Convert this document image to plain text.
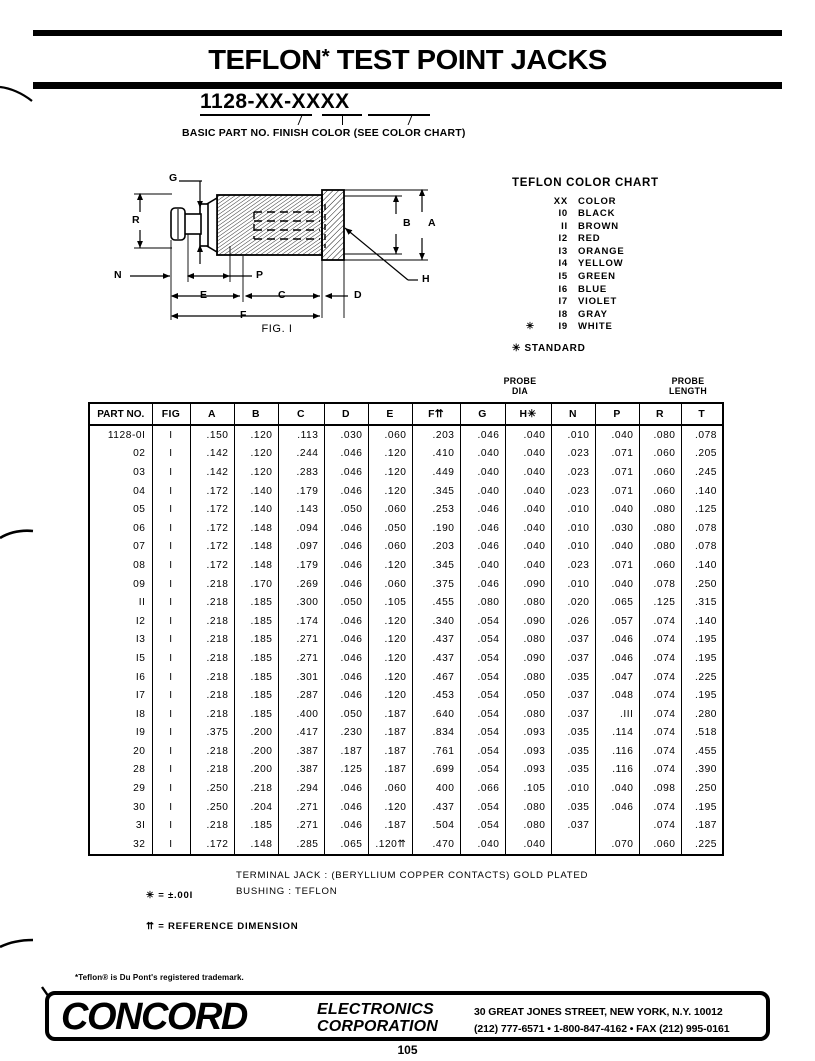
TEFLON* TEST POINT JACKS
1128-XX-XXXX
BASIC PART NO. FINISH COLOR (SEE COLOR CHART)
G
R
N	P
E	C	D
F
B A
H
FIG. I
TEFLON COLOR CHART
	XX	COLOR
	I0	BLACK
	II	BROWN
	I2	RED
	I3	ORANGE
	I4	YELLOW
	I5	GREEN
	I6	BLUE
	I7	VIOLET
	I8	GRAY
✳	I9	WHITE
✳ STANDARD
PROBE
DIA
PROBE
LENGTH
PART NO.	FIG	A	B	C	D	E	F⇈	G	H✳	N	P	R	T
1128-0I	I	.150	.120	.113	.030	.060	.203	.046	.040	.010	.040	.080	.078
02	I	.142	.120	.244	.046	.120	.410	.040	.040	.023	.071	.060	.205
03	I	.142	.120	.283	.046	.120	.449	.040	.040	.023	.071	.060	.245
04	I	.172	.140	.179	.046	.120	.345	.040	.040	.023	.071	.060	.140
05	I	.172	.140	.143	.050	.060	.253	.046	.040	.010	.040	.080	.125
06	I	.172	.148	.094	.046	.050	.190	.046	.040	.010	.030	.080	.078
07	I	.172	.148	.097	.046	.060	.203	.046	.040	.010	.040	.080	.078
08	I	.172	.148	.179	.046	.120	.345	.040	.040	.023	.071	.060	.140
09	I	.218	.170	.269	.046	.060	.375	.046	.090	.010	.040	.078	.250
II	I	.218	.185	.300	.050	.105	.455	.080	.080	.020	.065	.125	.315
I2	I	.218	.185	.174	.046	.120	.340	.054	.090	.026	.057	.074	.140
I3	I	.218	.185	.271	.046	.120	.437	.054	.080	.037	.046	.074	.195
I5	I	.218	.185	.271	.046	.120	.437	.054	.090	.037	.046	.074	.195
I6	I	.218	.185	.301	.046	.120	.467	.054	.080	.035	.047	.074	.225
I7	I	.218	.185	.287	.046	.120	.453	.054	.050	.037	.048	.074	.195
I8	I	.218	.185	.400	.050	.187	.640	.054	.080	.037	.III	.074	.280
I9	I	.375	.200	.417	.230	.187	.834	.054	.093	.035	.114	.074	.518
20	I	.218	.200	.387	.187	.187	.761	.054	.093	.035	.116	.074	.455
28	I	.218	.200	.387	.125	.187	.699	.054	.093	.035	.116	.074	.390
29	I	.250	.218	.294	.046	.060	400	.066	.105	.010	.040	.098	.250
30	I	.250	.204	.271	.046	.120	.437	.054	.080	.035	.046	.074	.195
3I	I	.218	.185	.271	.046	.187	.504	.054	.080	.037		.074	.187
32	I	.172	.148	.285	.065	.120⇈	.470	.040	.040		.070	.060	.225
TERMINAL JACK : (BERYLLIUM COPPER CONTACTS) GOLD PLATED
BUSHING : TEFLON
✳ = ±.00I
⇈ = REFERENCE DIMENSION
*Teflon® is Du Pont's registered trademark.
CONCORD	ELECTRONICS
CORPORATION
30 GREAT JONES STREET, NEW YORK, N.Y. 10012
(212) 777-6571 • 1-800-847-4162 • FAX (212) 995-0161
105
